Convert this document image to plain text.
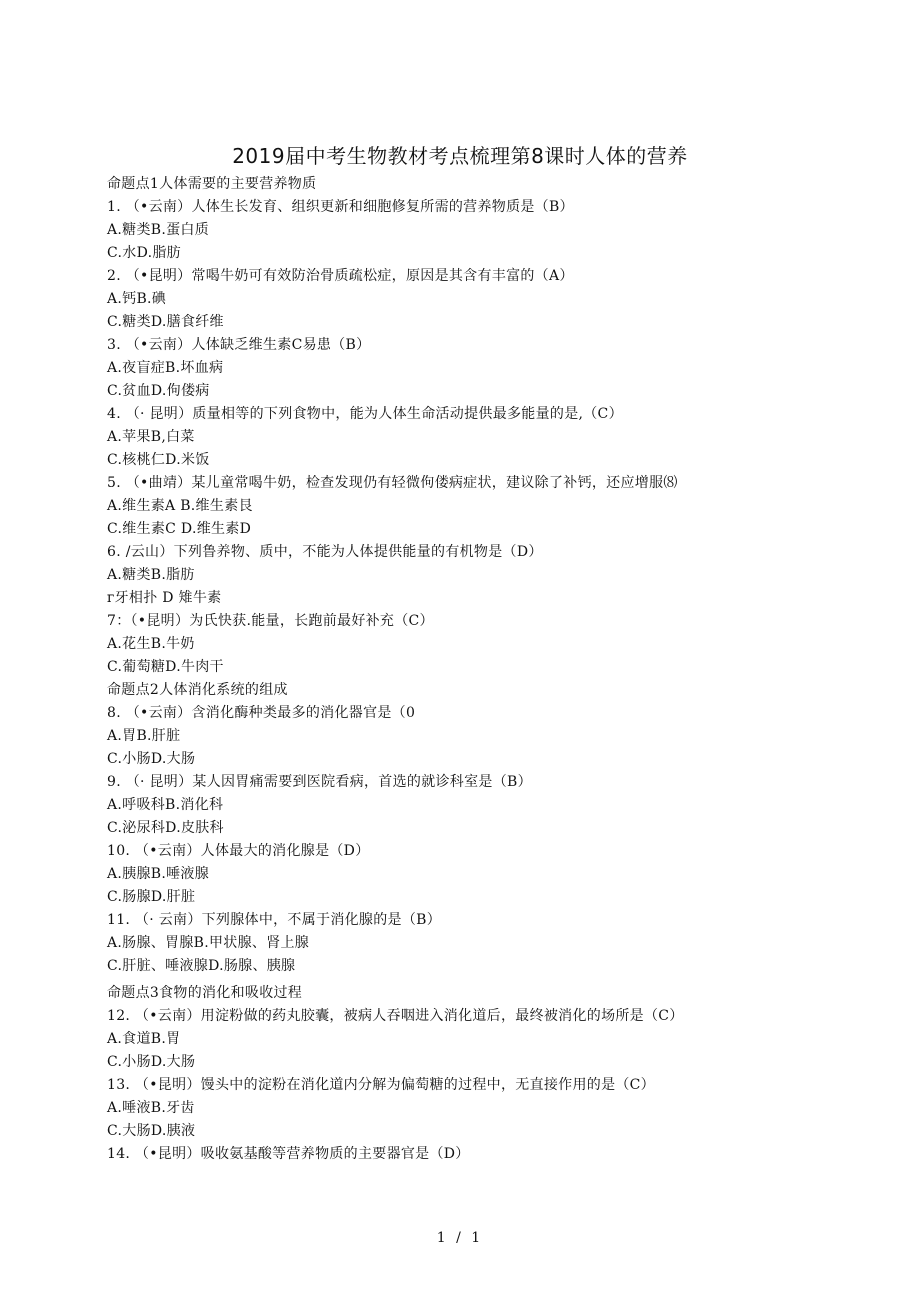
2019届中考生物教材考点梳理第8课时人体的营养
命题点1人体需要的主要营养物质
1. （•云南）人体生长发育、组织更新和细胞修复所需的营养物质是（B）
A.糖类B.蛋白质
C.水D.脂肪
2. （•昆明）常喝牛奶可有效防治骨质疏松症，原因是其含有丰富的（A）
A.钙B.碘
C.糖类D.膳食纤维
3. （•云南）人体缺乏维生素C易患（B）
A.夜盲症B.坏血病
C.贫血D.佝偻病
4. （· 昆明）质量相等的下列食物中，能为人体生命活动提供最多能量的是,（C）
A.苹果B,白菜
C.核桃仁D.米饭
5. （•曲靖）某儿童常喝牛奶，检查发现仍有轻微佝偻病症状，建议除了补钙，还应增服⑻
A.维生素A B.维生素艮
C.维生素C D.维生素D
6. /云山）下列鲁养物、质中，不能为人体提供能量的有机物是（D）
A.糖类B.脂肪
г牙相扑 D 雉牛素
7：（•昆明）为氏快获.能量，长跑前最好补充（C）
A.花生B.牛奶
C.葡萄糖D.牛肉干
命题点2人体消化系统的组成
8. （•云南）含消化酶种类最多的消化器官是（0
A.胃B.肝脏
C.小肠D.大肠
9. （· 昆明）某人因胃痛需要到医院看病，首选的就诊科室是（B）
A.呼吸科B.消化科
C.泌尿科D.皮肤科
10. （•云南）人体最大的消化腺是（D）
A.胰腺B.唾液腺
C.肠腺D.肝脏
11. （· 云南）下列腺体中，不属于消化腺的是（B）
A.肠腺、胃腺B.甲状腺、肾上腺
C.肝脏、唾液腺D.肠腺、胰腺
命题点3食物的消化和吸收过程
12. （•云南）用淀粉做的药丸胶囊，被病人吞咽进入消化道后，最终被消化的场所是（C）
A.食道B.胃
C.小肠D.大肠
13. （•昆明）馒头中的淀粉在消化道内分解为偏萄糖的过程中，无直接作用的是（C）
A.唾液B.牙齿
C.大肠D.胰液
14. （•昆明）吸收氨基酸等营养物质的主要器官是（D）
1 / 1
